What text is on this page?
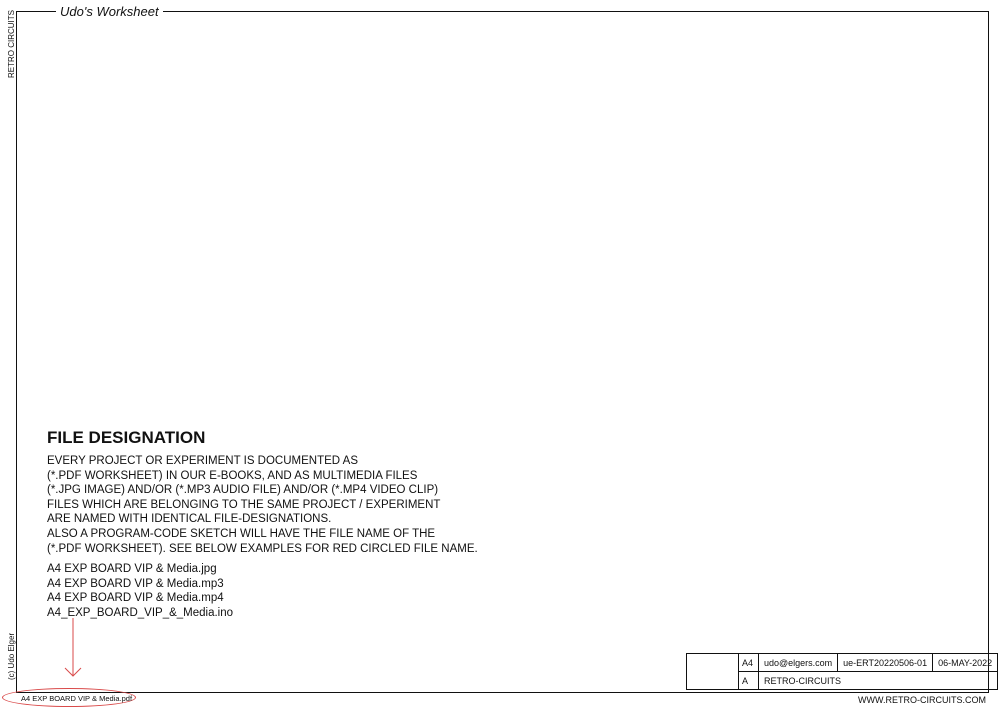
Udo's Worksheet
RETRO CIRCUITS
(c) Udo Elger
FILE DESIGNATION
EVERY PROJECT OR EXPERIMENT IS DOCUMENTED AS
(*.PDF WORKSHEET) IN OUR E-BOOKS, AND AS MULTIMEDIA FILES
(*.JPG IMAGE) AND/OR (*.MP3 AUDIO FILE) AND/OR (*.MP4 VIDEO CLIP)
FILES WHICH ARE BELONGING TO THE SAME PROJECT / EXPERIMENT
ARE NAMED WITH IDENTICAL FILE-DESIGNATIONS.
ALSO A PROGRAM-CODE SKETCH WILL HAVE THE FILE NAME OF THE
(*.PDF WORKSHEET). SEE BELOW EXAMPLES FOR RED CIRCLED FILE NAME.
A4 EXP BOARD VIP & Media.jpg
A4 EXP BOARD VIP & Media.mp3
A4 EXP BOARD VIP & Media.mp4
A4_EXP_BOARD_VIP_&_Media.ino
A4 EXP BOARD VIP & Media.pdf
	A4	udo@elgers.com	ue-ERT20220506-01	06-MAY-2022
	A	RETRO-CIRCUITS		
WWW.RETRO-CIRCUITS.COM
